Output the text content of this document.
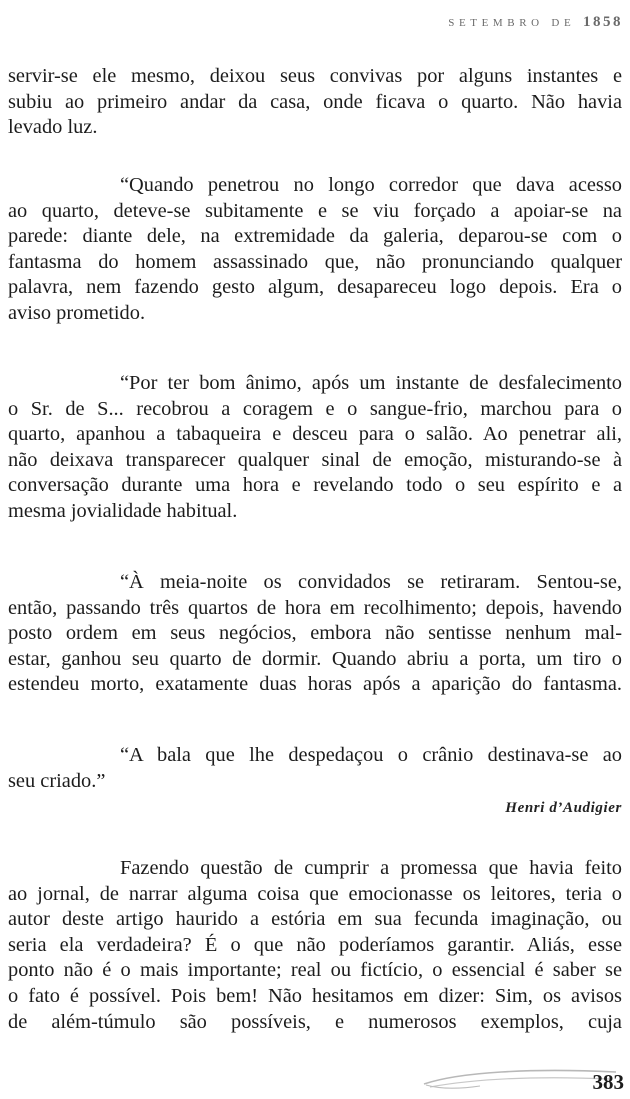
SETEMBRO DE 1858
servir-se ele mesmo, deixou seus convivas por alguns instantes e
subiu ao primeiro andar da casa, onde ficava o quarto. Não havia
levado luz.
“Quando penetrou no longo corredor que dava acesso
ao quarto, deteve-se subitamente e se viu forçado a apoiar-se na
parede: diante dele, na extremidade da galeria, deparou-se com o
fantasma do homem assassinado que, não pronunciando qualquer
palavra, nem fazendo gesto algum, desapareceu logo depois. Era o
aviso prometido.
“Por ter bom ânimo, após um instante de desfalecimento
o Sr. de S... recobrou a coragem e o sangue-frio, marchou para o
quarto, apanhou a tabaqueira e desceu para o salão. Ao penetrar ali,
não deixava transparecer qualquer sinal de emoção, misturando-se à
conversação durante uma hora e revelando todo o seu espírito e a
mesma jovialidade habitual.
“À meia-noite os convidados se retiraram. Sentou-se,
então, passando três quartos de hora em recolhimento; depois, havendo
posto ordem em seus negócios, embora não sentisse nenhum mal-
estar, ganhou seu quarto de dormir. Quando abriu a porta, um tiro o
estendeu morto, exatamente duas horas após a aparição do fantasma.
“A bala que lhe despedaçou o crânio destinava-se ao
seu criado.”
Henri d’Audigier
Fazendo questão de cumprir a promessa que havia feito
ao jornal, de narrar alguma coisa que emocionasse os leitores, teria o
autor deste artigo haurido a estória em sua fecunda imaginação, ou
seria ela verdadeira? É o que não poderíamos garantir. Aliás, esse
ponto não é o mais importante; real ou fictício, o essencial é saber se
o fato é possível. Pois bem! Não hesitamos em dizer: Sim, os avisos
de além-túmulo são possíveis, e numerosos exemplos, cuja
383
